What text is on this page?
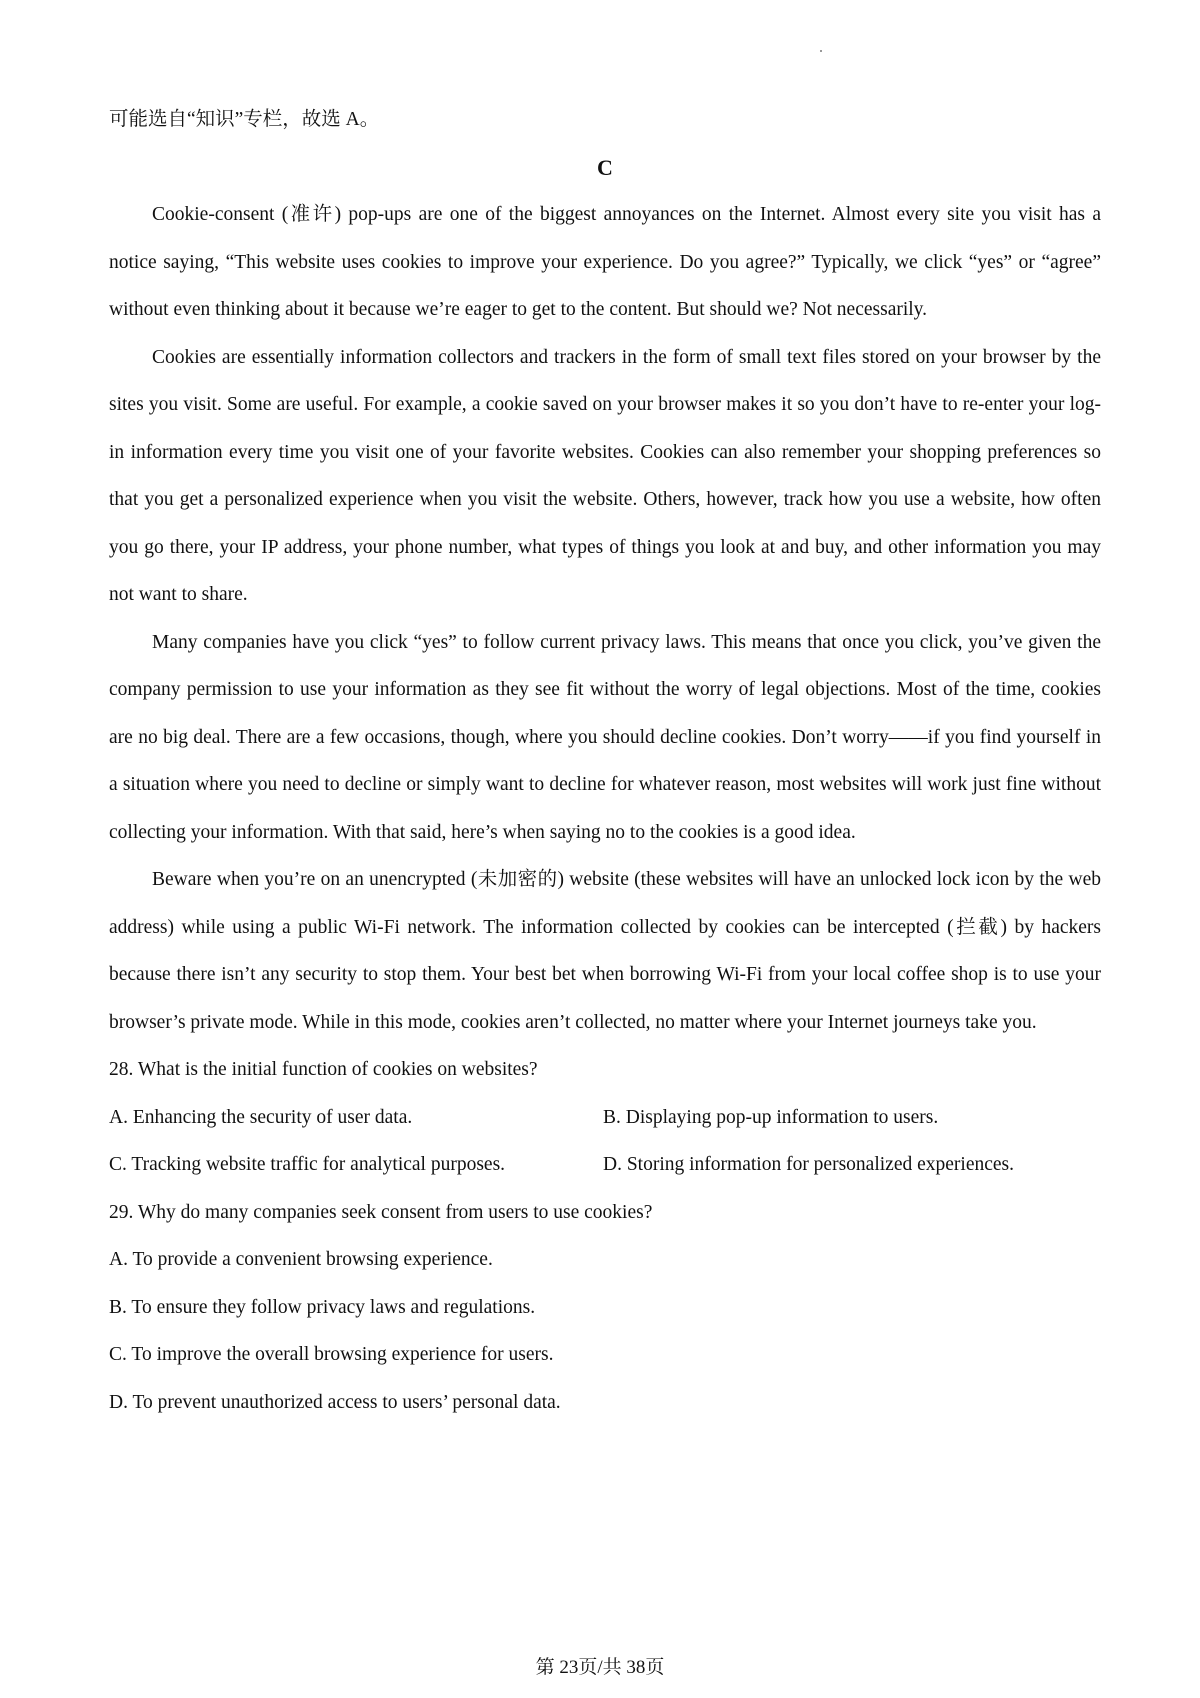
可能选自“知识”专栏，故选 A。

C

Cookie-consent (准许) pop-ups are one of the biggest annoyances on the Internet. Almost every site you visit has a notice saying, “This website uses cookies to improve your experience. Do you agree?” Typically, we click “yes” or “agree” without even thinking about it because we’re eager to get to the content. But should we? Not necessarily.

Cookies are essentially information collectors and trackers in the form of small text files stored on your browser by the sites you visit. Some are useful. For example, a cookie saved on your browser makes it so you don’t have to re-enter your log-in information every time you visit one of your favorite websites. Cookies can also remember your shopping preferences so that you get a personalized experience when you visit the website. Others, however, track how you use a website, how often you go there, your IP address, your phone number, what types of things you look at and buy, and other information you may not want to share.

Many companies have you click “yes” to follow current privacy laws. This means that once you click, you’ve given the company permission to use your information as they see fit without the worry of legal objections. Most of the time, cookies are no big deal. There are a few occasions, though, where you should decline cookies. Don’t worry——if you find yourself in a situation where you need to decline or simply want to decline for whatever reason, most websites will work just fine without collecting your information. With that said, here’s when saying no to the cookies is a good idea.

Beware when you’re on an unencrypted (未加密的) website (these websites will have an unlocked lock icon by the web address) while using a public Wi-Fi network. The information collected by cookies can be intercepted (拦截) by hackers because there isn’t any security to stop them. Your best bet when borrowing Wi-Fi from your local coffee shop is to use your browser’s private mode. While in this mode, cookies aren’t collected, no matter where your Internet journeys take you.

28. What is the initial function of cookies on websites?

A. Enhancing the security of user data.	B. Displaying pop-up information to users.
C. Tracking website traffic for analytical purposes.	D. Storing information for personalized experiences.

29. Why do many companies seek consent from users to use cookies?

A. To provide a convenient browsing experience.

B. To ensure they follow privacy laws and regulations.

C. To improve the overall browsing experience for users.

D. To prevent unauthorized access to users’ personal data.

第 23页/共 38页
